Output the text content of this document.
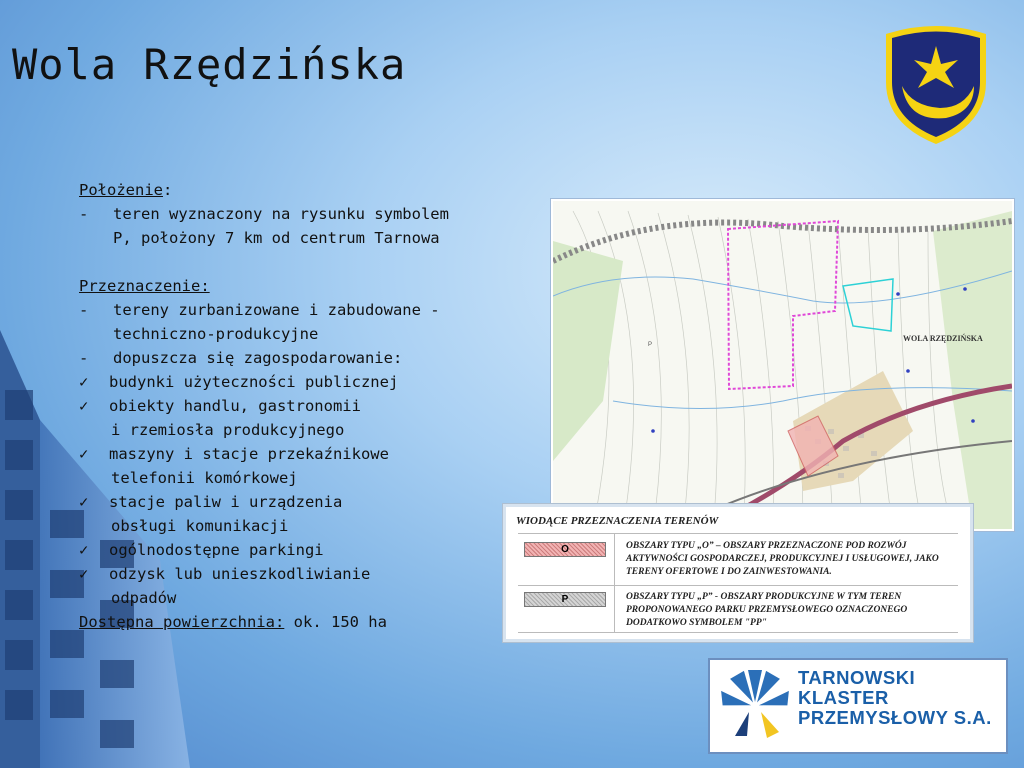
Wola Rzędzińska

Położenie:

- teren wyznaczony na rysunku symbolem

P, położony 7 km od centrum Tarnowa

Przeznaczenie:

- tereny zurbanizowane i zabudowane -

techniczno-produkcyjne

- dopuszcza się zagospodarowanie:

✓ budynki użyteczności publicznej

✓ obiekty handlu, gastronomii

i rzemiosła produkcyjnego

✓ maszyny i stacje przekaźnikowe

telefonii komórkowej

✓ stacje paliw i urządzenia

obsługi komunikacji

✓ ogólnodostępne parkingi

✓ odzysk lub unieszkodliwianie

odpadów

Dostępna powierzchnia: ok. 150 ha

WOLA RZĘDZIŃSKA
P
WIODĄCE PRZEZNACZENIA TERENÓW
O	OBSZARY TYPU „O” – OBSZARY PRZEZNACZONE POD ROZWÓJ AKTYWNOŚCI GOSPODARCZEJ, PRODUKCYJNEJ I USŁUGOWEJ, JAKO TERENY OFERTOWE I DO ZAINWESTOWANIA.
P	OBSZARY TYPU „P” - OBSZARY PRODUKCYJNE W TYM TEREN PROPONOWANEGO PARKU PRZEMYSŁOWEGO OZNACZONEGO DODATKOWO SYMBOLEM "PP"
TARNOWSKI
KLASTER
PRZEMYSŁOWY S.A.
